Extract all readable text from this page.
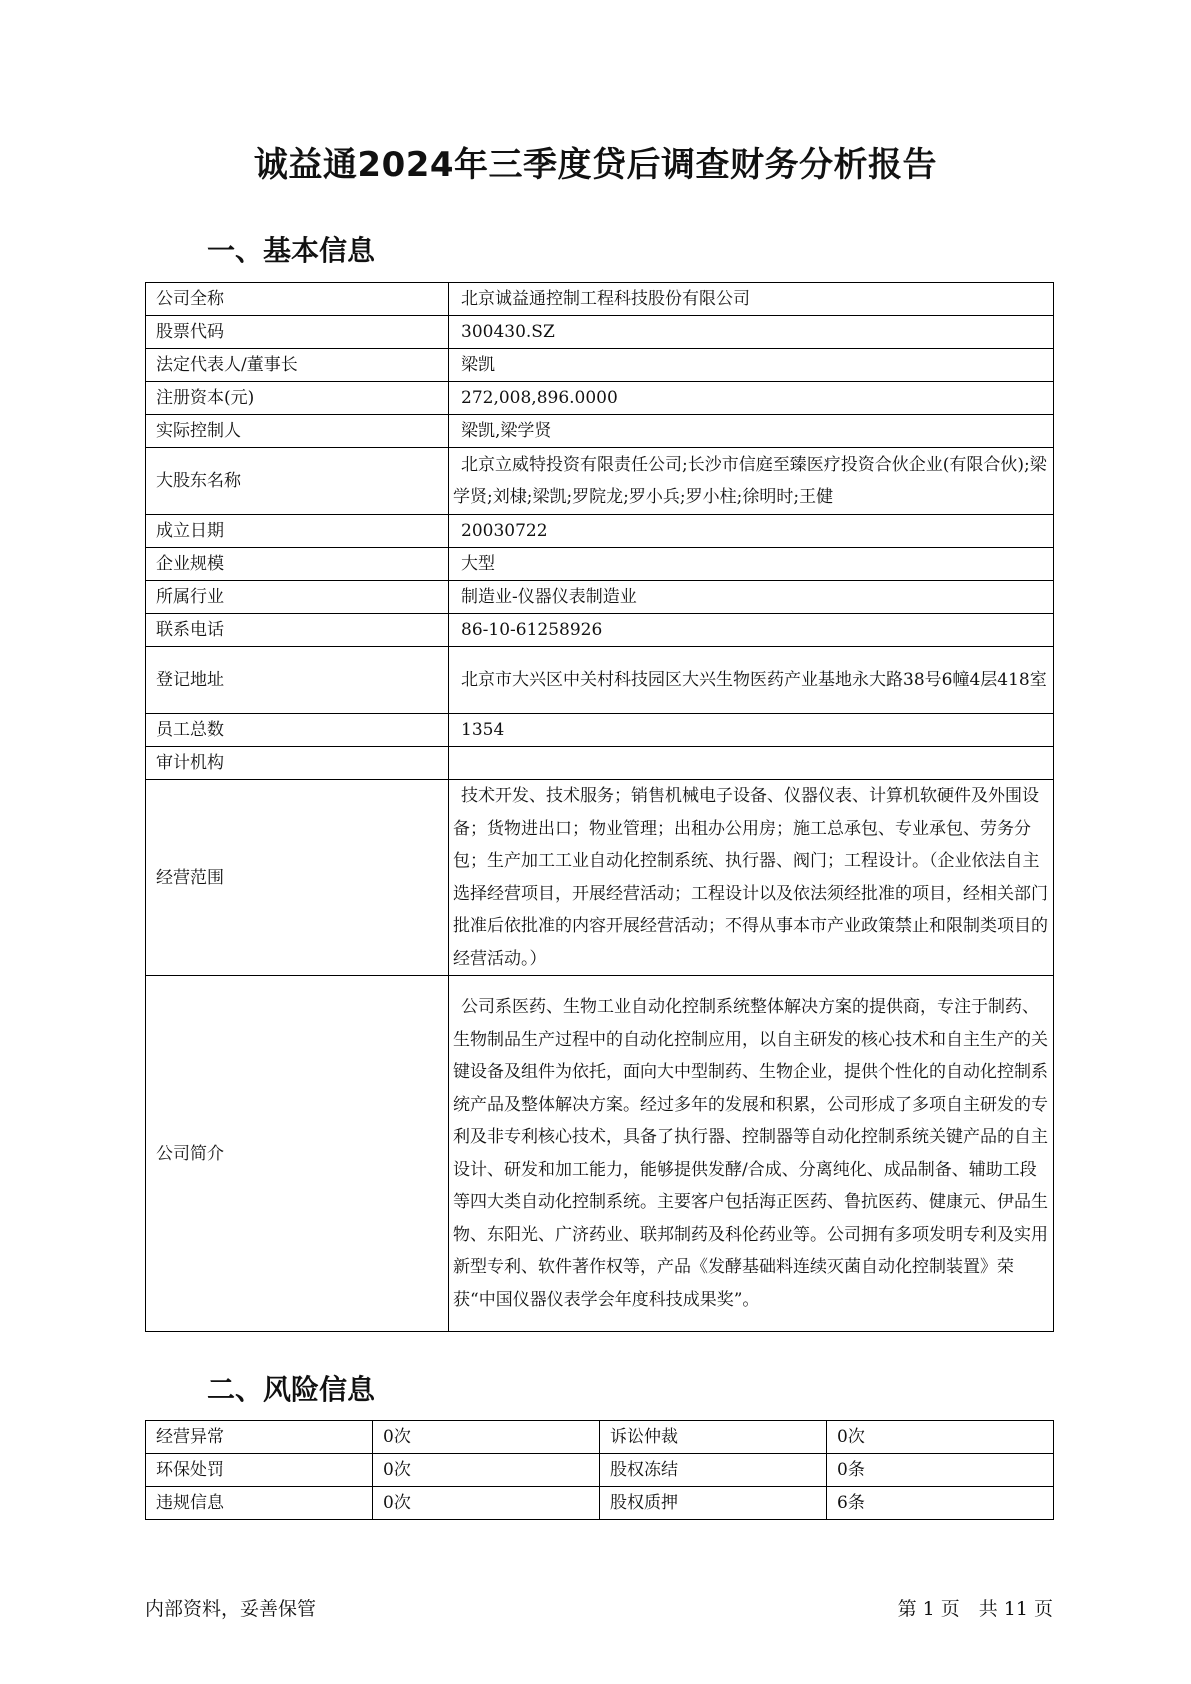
诚益通2024年三季度贷后调查财务分析报告
一、基本信息
公司全称	北京诚益通控制工程科技股份有限公司
股票代码	300430.SZ
法定代表人/董事长	梁凯
注册资本(元)	272,008,896.0000
实际控制人	梁凯,梁学贤
大股东名称	北京立威特投资有限责任公司;长沙市信庭至臻医疗投资合伙企业(有限合伙);梁学贤;刘棣;梁凯;罗院龙;罗小兵;罗小柱;徐明时;王健
成立日期	20030722
企业规模	大型
所属行业	制造业-仪器仪表制造业
联系电话	86-10-61258926
登记地址	北京市大兴区中关村科技园区大兴生物医药产业基地永大路38号6幢4层418室
员工总数	1354
审计机构	
经营范围	技术开发、技术服务；销售机械电子设备、仪器仪表、计算机软硬件及外围设备；货物进出口；物业管理；出租办公用房；施工总承包、专业承包、劳务分包；生产加工工业自动化控制系统、执行器、阀门；工程设计。（企业依法自主选择经营项目，开展经营活动；工程设计以及依法须经批准的项目，经相关部门批准后依批准的内容开展经营活动；不得从事本市产业政策禁止和限制类项目的经营活动。）
公司简介	公司系医药、生物工业自动化控制系统整体解决方案的提供商，专注于制药、生物制品生产过程中的自动化控制应用，以自主研发的核心技术和自主生产的关键设备及组件为依托，面向大中型制药、生物企业，提供个性化的自动化控制系统产品及整体解决方案。经过多年的发展和积累，公司形成了多项自主研发的专利及非专利核心技术，具备了执行器、控制器等自动化控制系统关键产品的自主设计、研发和加工能力，能够提供发酵/合成、分离纯化、成品制备、辅助工段等四大类自动化控制系统。主要客户包括海正医药、鲁抗医药、健康元、伊品生物、东阳光、广济药业、联邦制药及科伦药业等。公司拥有多项发明专利及实用新型专利、软件著作权等，产品《发酵基础料连续灭菌自动化控制装置》荣获“中国仪器仪表学会年度科技成果奖”。
二、风险信息
经营异常	0次	诉讼仲裁	0次
环保处罚	0次	股权冻结	0条
违规信息	0次	股权质押	6条
内部资料，妥善保管	第 1 页　共 11 页
